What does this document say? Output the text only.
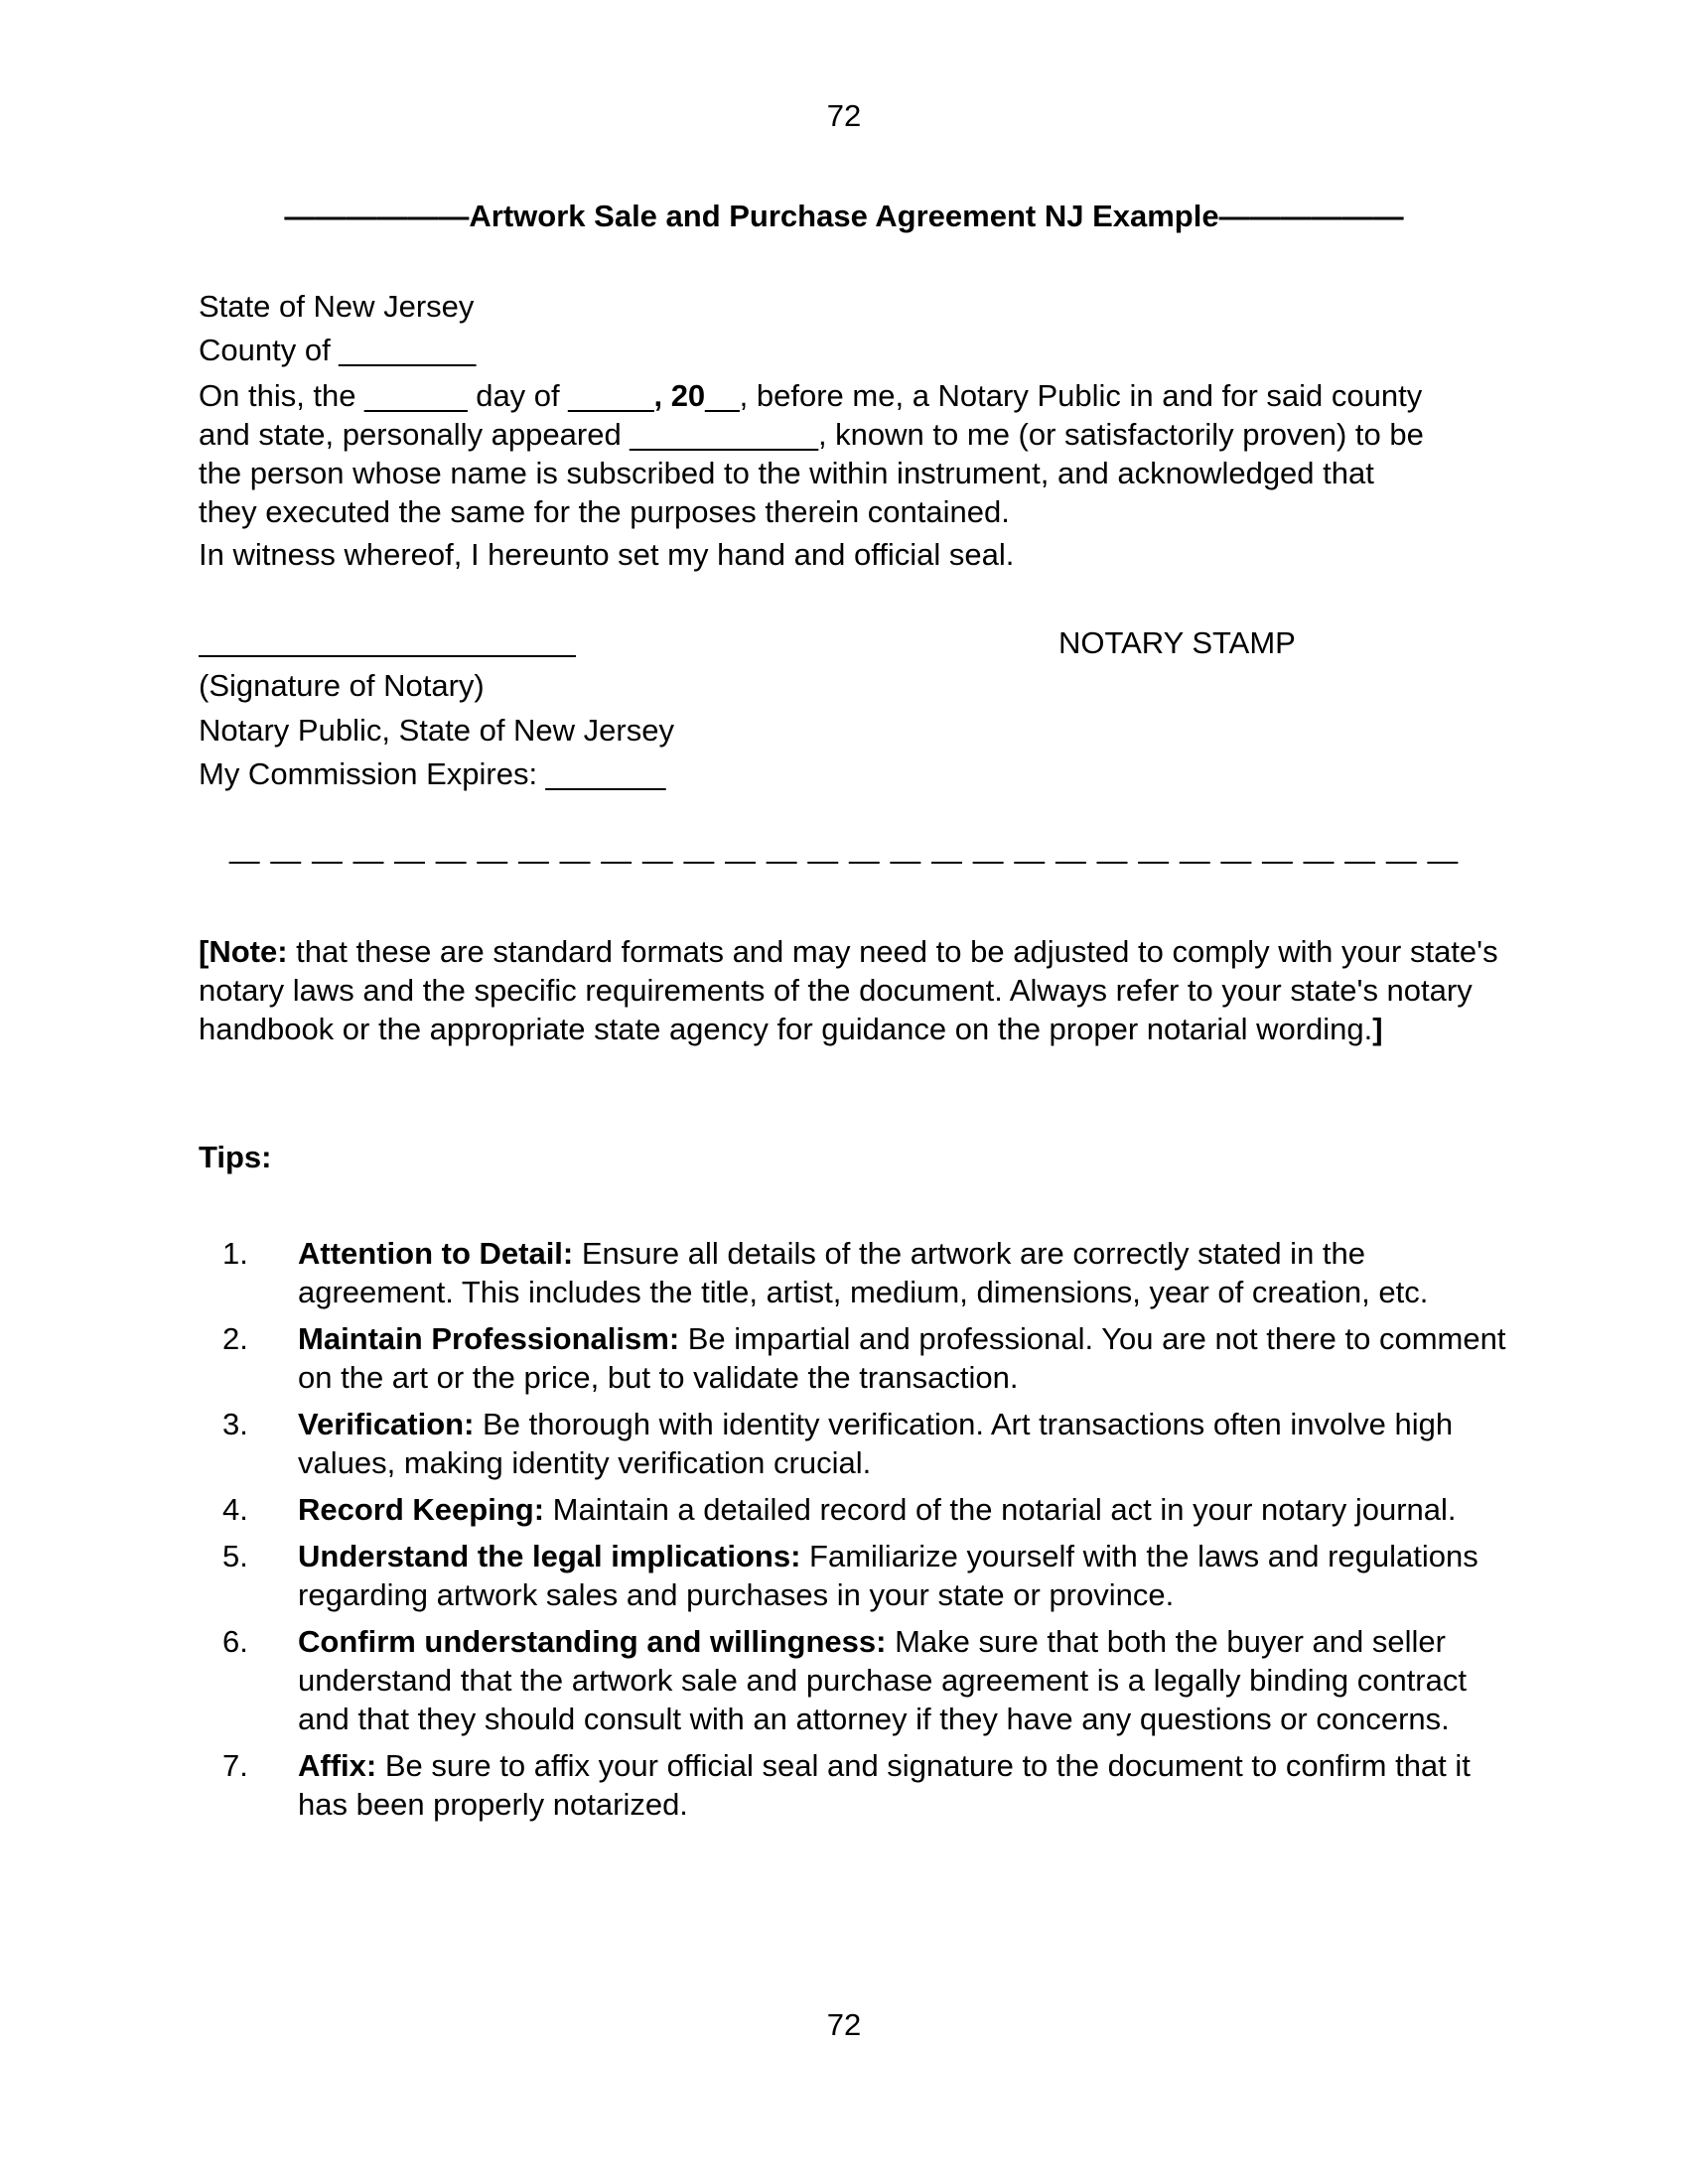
72
——————Artwork Sale and Purchase Agreement NJ Example——————
State of New Jersey
County of ________
On this, the ______ day of _____, 20__, before me, a Notary Public in and for said county and state, personally appeared ___________, known to me (or satisfactorily proven) to be the person whose name is subscribed to the within instrument, and acknowledged that they executed the same for the purposes therein contained.
In witness whereof, I hereunto set my hand and official seal.
NOTARY STAMP
(Signature of Notary)
Notary Public, State of New Jersey
My Commission Expires: _______
— — — — — — — — — — — — — — — — — — — — — — — — — — — — — —
[Note: that these are standard formats and may need to be adjusted to comply with your state's notary laws and the specific requirements of the document. Always refer to your state's notary handbook or the appropriate state agency for guidance on the proper notarial wording.]
Tips:
1. Attention to Detail: Ensure all details of the artwork are correctly stated in the agreement. This includes the title, artist, medium, dimensions, year of creation, etc.
2. Maintain Professionalism: Be impartial and professional. You are not there to comment on the art or the price, but to validate the transaction.
3. Verification: Be thorough with identity verification. Art transactions often involve high values, making identity verification crucial.
4. Record Keeping: Maintain a detailed record of the notarial act in your notary journal.
5. Understand the legal implications: Familiarize yourself with the laws and regulations regarding artwork sales and purchases in your state or province.
6. Confirm understanding and willingness: Make sure that both the buyer and seller understand that the artwork sale and purchase agreement is a legally binding contract and that they should consult with an attorney if they have any questions or concerns.
7. Affix: Be sure to affix your official seal and signature to the document to confirm that it has been properly notarized.
72
